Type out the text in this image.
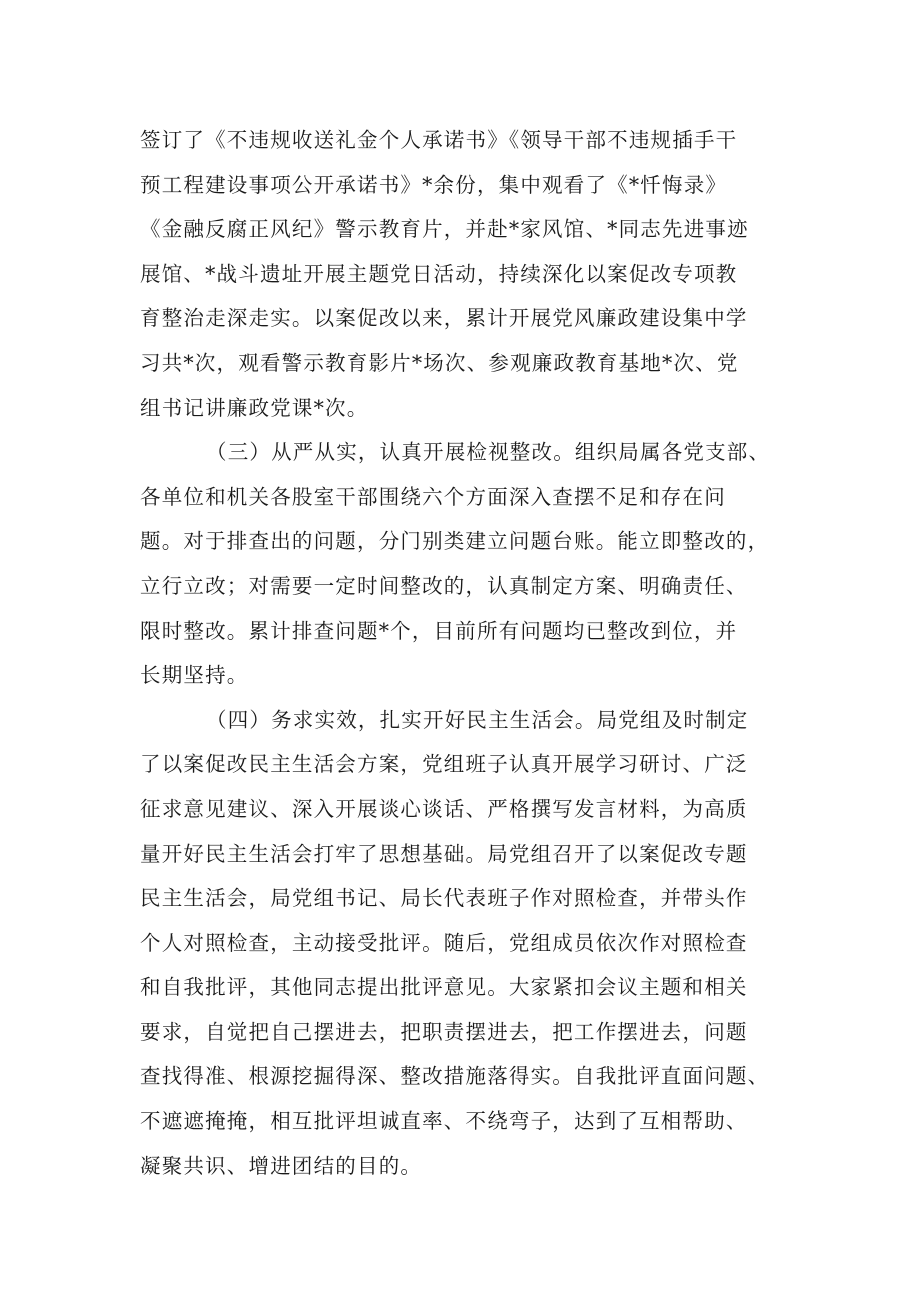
签订了《不违规收送礼金个人承诺书》《领导干部不违规插手干
预工程建设事项公开承诺书》*余份，集中观看了《*忏悔录》
《金融反腐正风纪》警示教育片，并赴*家风馆、*同志先进事迹
展馆、*战斗遗址开展主题党日活动，持续深化以案促改专项教
育整治走深走实。以案促改以来，累计开展党风廉政建设集中学
习共*次，观看警示教育影片*场次、参观廉政教育基地*次、党
组书记讲廉政党课*次。
（三）从严从实，认真开展检视整改。组织局属各党支部、
各单位和机关各股室干部围绕六个方面深入查摆不足和存在问
题。对于排查出的问题，分门别类建立问题台账。能立即整改的，
立行立改；对需要一定时间整改的，认真制定方案、明确责任、
限时整改。累计排查问题*个，目前所有问题均已整改到位，并
长期坚持。
（四）务求实效，扎实开好民主生活会。局党组及时制定
了以案促改民主生活会方案，党组班子认真开展学习研讨、广泛
征求意见建议、深入开展谈心谈话、严格撰写发言材料，为高质
量开好民主生活会打牢了思想基础。局党组召开了以案促改专题
民主生活会，局党组书记、局长代表班子作对照检查，并带头作
个人对照检查，主动接受批评。随后，党组成员依次作对照检查
和自我批评，其他同志提出批评意见。大家紧扣会议主题和相关
要求，自觉把自己摆进去，把职责摆进去，把工作摆进去，问题
查找得准、根源挖掘得深、整改措施落得实。自我批评直面问题、
不遮遮掩掩，相互批评坦诚直率、不绕弯子，达到了互相帮助、
凝聚共识、增进团结的目的。
